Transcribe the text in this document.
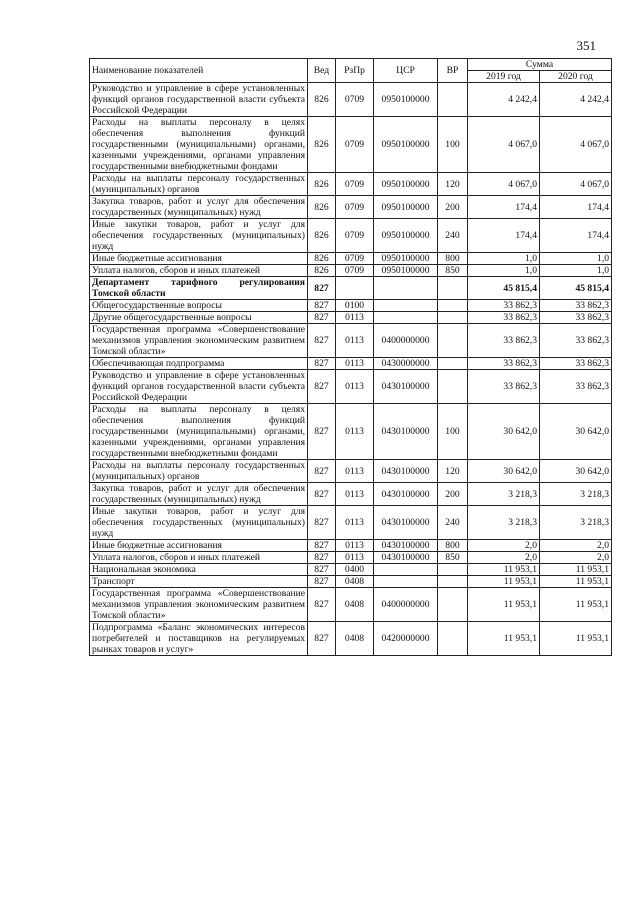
351
Наименование показателей	Вед	РзПр	ЦСР	ВР	Сумма	
					2019 год	2020 год
Руководство и управление в сфере установленных функций органов государственной власти субъекта Российской Федерации	826	0709	0950100000		4 242,4	4 242,4
Расходы на выплаты персоналу в целях обеспечения выполнения функций государственными (муниципальными) органами, казенными учреждениями, органами управления государственными внебюджетными фондами	826	0709	0950100000	100	4 067,0	4 067,0
Расходы на выплаты персоналу государственных (муниципальных) органов	826	0709	0950100000	120	4 067,0	4 067,0
Закупка товаров, работ и услуг для обеспечения государственных (муниципальных) нужд	826	0709	0950100000	200	174,4	174,4
Иные закупки товаров, работ и услуг для обеспечения государственных (муниципальных) нужд	826	0709	0950100000	240	174,4	174,4
Иные бюджетные ассигнования	826	0709	0950100000	800	1,0	1,0
Уплата налогов, сборов и иных платежей	826	0709	0950100000	850	1,0	1,0
Департамент тарифного регулирования Томской области	827				45 815,4	45 815,4
Общегосударственные вопросы	827	0100			33 862,3	33 862,3
Другие общегосударственные вопросы	827	0113			33 862,3	33 862,3
Государственная программа «Совершенствование механизмов управления экономическим развитием Томской области»	827	0113	0400000000		33 862,3	33 862,3
Обеспечивающая подпрограмма	827	0113	0430000000		33 862,3	33 862,3
Руководство и управление в сфере установленных функций органов государственной власти субъекта Российской Федерации	827	0113	0430100000		33 862,3	33 862,3
Расходы на выплаты персоналу в целях обеспечения выполнения функций государственными (муниципальными) органами, казенными учреждениями, органами управления государственными внебюджетными фондами	827	0113	0430100000	100	30 642,0	30 642,0
Расходы на выплаты персоналу государственных (муниципальных) органов	827	0113	0430100000	120	30 642,0	30 642,0
Закупка товаров, работ и услуг для обеспечения государственных (муниципальных) нужд	827	0113	0430100000	200	3 218,3	3 218,3
Иные закупки товаров, работ и услуг для обеспечения государственных (муниципальных) нужд	827	0113	0430100000	240	3 218,3	3 218,3
Иные бюджетные ассигнования	827	0113	0430100000	800	2,0	2,0
Уплата налогов, сборов и иных платежей	827	0113	0430100000	850	2,0	2,0
Национальная экономика	827	0400			11 953,1	11 953,1
Транспорт	827	0408			11 953,1	11 953,1
Государственная программа «Совершенствование механизмов управления экономическим развитием Томской области»	827	0408	0400000000		11 953,1	11 953,1
Подпрограмма «Баланс экономических интересов потребителей и поставщиков на регулируемых рынках товаров и услуг»	827	0408	0420000000		11 953,1	11 953,1
